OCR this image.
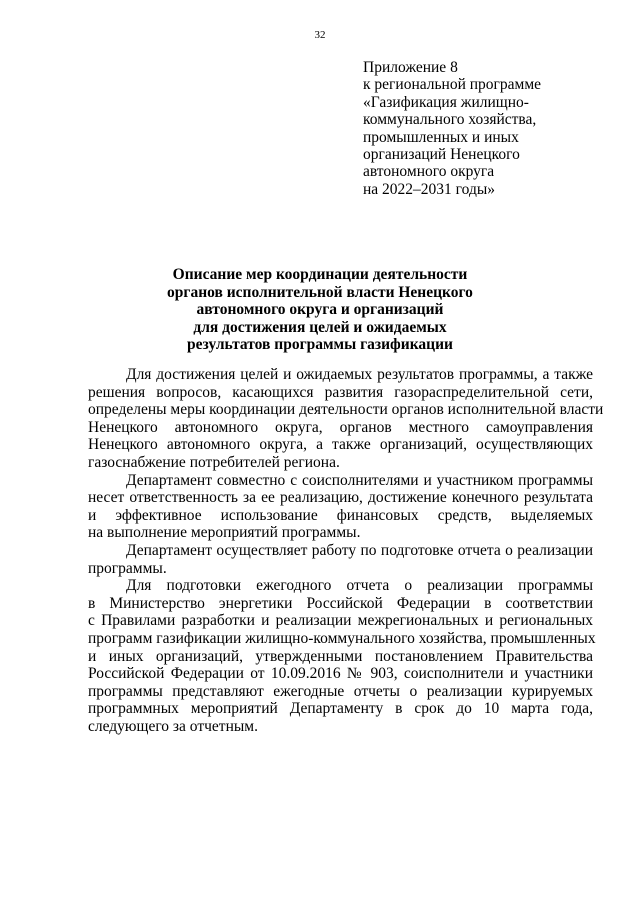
32
Приложение 8
к региональной программе
«Газификация жилищно-
коммунального хозяйства,
промышленных и иных
организаций Ненецкого
автономного округа
на 2022–2031 годы»
Описание мер координации деятельности
органов исполнительной власти Ненецкого
автономного округа и организаций
для достижения целей и ожидаемых
результатов программы газификации
Для достижения целей и ожидаемых результатов программы, а также
решения вопросов, касающихся развития газораспределительной сети,
определены меры координации деятельности органов исполнительной власти
Ненецкого автономного округа, органов местного самоуправления
Ненецкого автономного округа, а также организаций, осуществляющих
газоснабжение потребителей региона.
Департамент совместно с соисполнителями и участником программы
несет ответственность за ее реализацию, достижение конечного результата
и эффективное использование финансовых средств, выделяемых
на выполнение мероприятий программы.
Департамент осуществляет работу по подготовке отчета о реализации
программы.
Для подготовки ежегодного отчета о реализации программы
в Министерство энергетики Российской Федерации в соответствии
с Правилами разработки и реализации межрегиональных и региональных
программ газификации жилищно-коммунального хозяйства, промышленных
и иных организаций, утвержденными постановлением Правительства
Российской Федерации от 10.09.2016 № 903, соисполнители и участники
программы представляют ежегодные отчеты о реализации курируемых
программных мероприятий Департаменту в срок до 10 марта года,
следующего за отчетным.
